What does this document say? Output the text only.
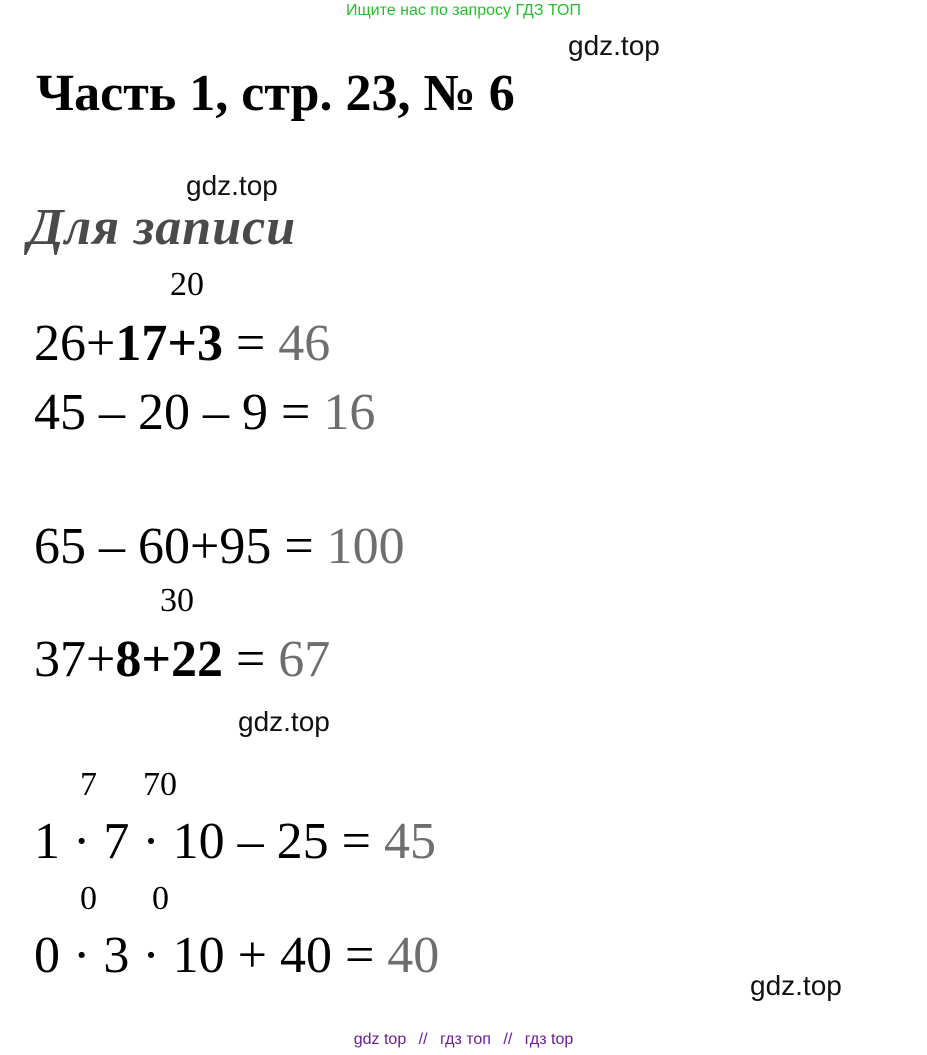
Ищите нас по запросу ГДЗ ТОП
gdz.top
Часть 1, стр. 23, № 6
gdz.top
Для записи
20
26+17+3 = 46
45 – 20 – 9 = 16
65 – 60+95 = 100
30
37+8+22 = 67
gdz.top
7 70
1 · 7 · 10 – 25 = 45
0 0
0 · 3 · 10 + 40 = 40
gdz.top
gdz top // гдз топ // гдз top
